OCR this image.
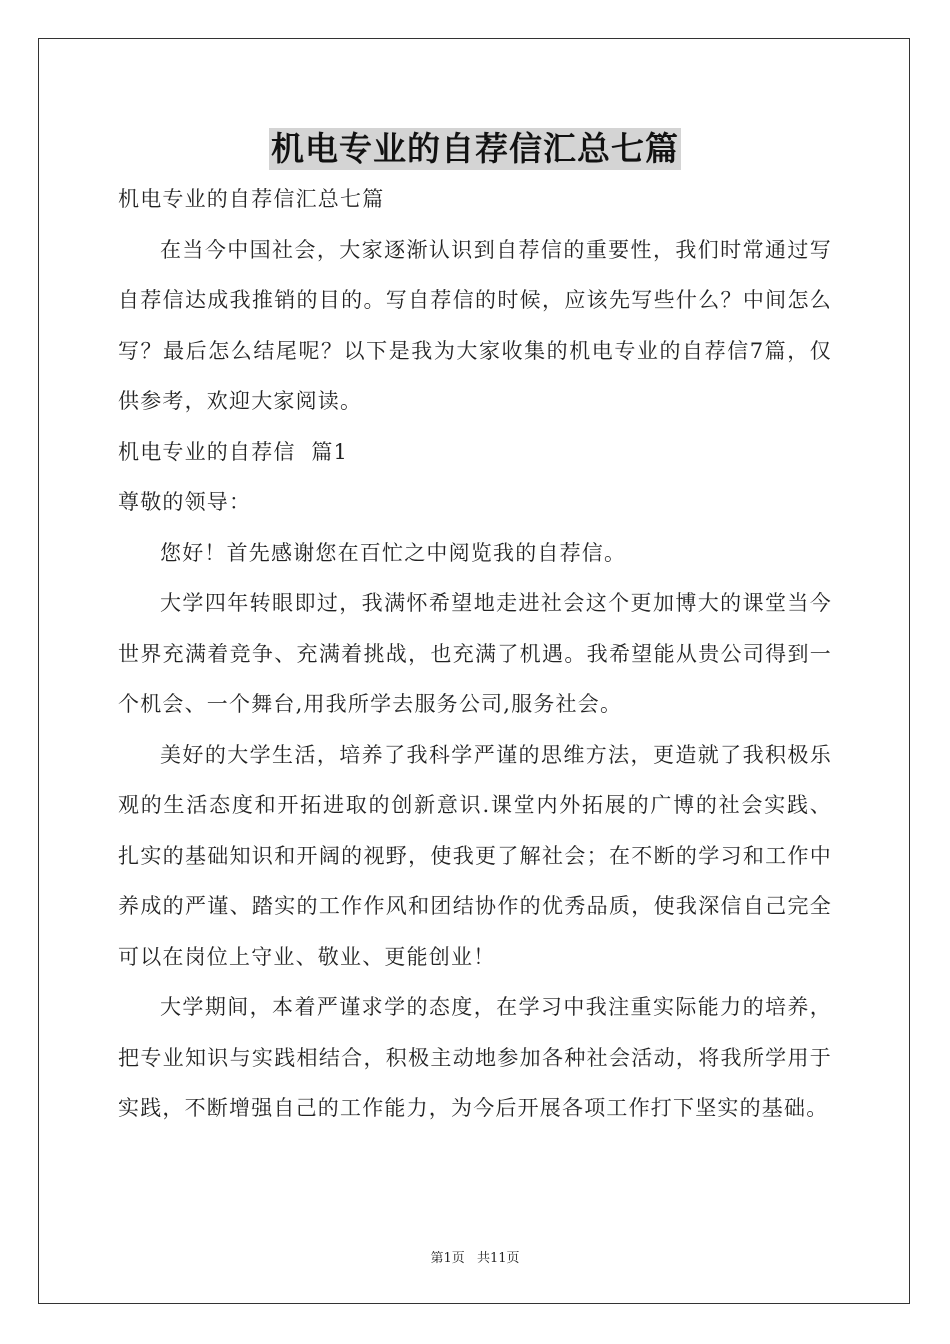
机电专业的自荐信汇总七篇

机电专业的自荐信汇总七篇

在当今中国社会，大家逐渐认识到自荐信的重要性，我们时常通过写自荐信达成我推销的目的。写自荐信的时候，应该先写些什么？中间怎么写？最后怎么结尾呢？以下是我为大家收集的机电专业的自荐信7篇，仅供参考，欢迎大家阅读。

机电专业的自荐信  篇1

尊敬的领导：

您好！首先感谢您在百忙之中阅览我的自荐信。

大学四年转眼即过，我满怀希望地走进社会这个更加博大的课堂当今世界充满着竞争、充满着挑战，也充满了机遇。我希望能从贵公司得到一个机会、一个舞台,用我所学去服务公司,服务社会。

美好的大学生活，培养了我科学严谨的思维方法，更造就了我积极乐观的生活态度和开拓进取的创新意识.课堂内外拓展的广博的社会实践、扎实的基础知识和开阔的视野，使我更了解社会；在不断的学习和工作中养成的严谨、踏实的工作作风和团结协作的优秀品质，使我深信自己完全可以在岗位上守业、敬业、更能创业！

大学期间，本着严谨求学的态度，在学习中我注重实际能力的培养，把专业知识与实践相结合，积极主动地参加各种社会活动，将我所学用于实践，不断增强自己的工作能力，为今后开展各项工作打下坚实的基础。

第1页 共11页
